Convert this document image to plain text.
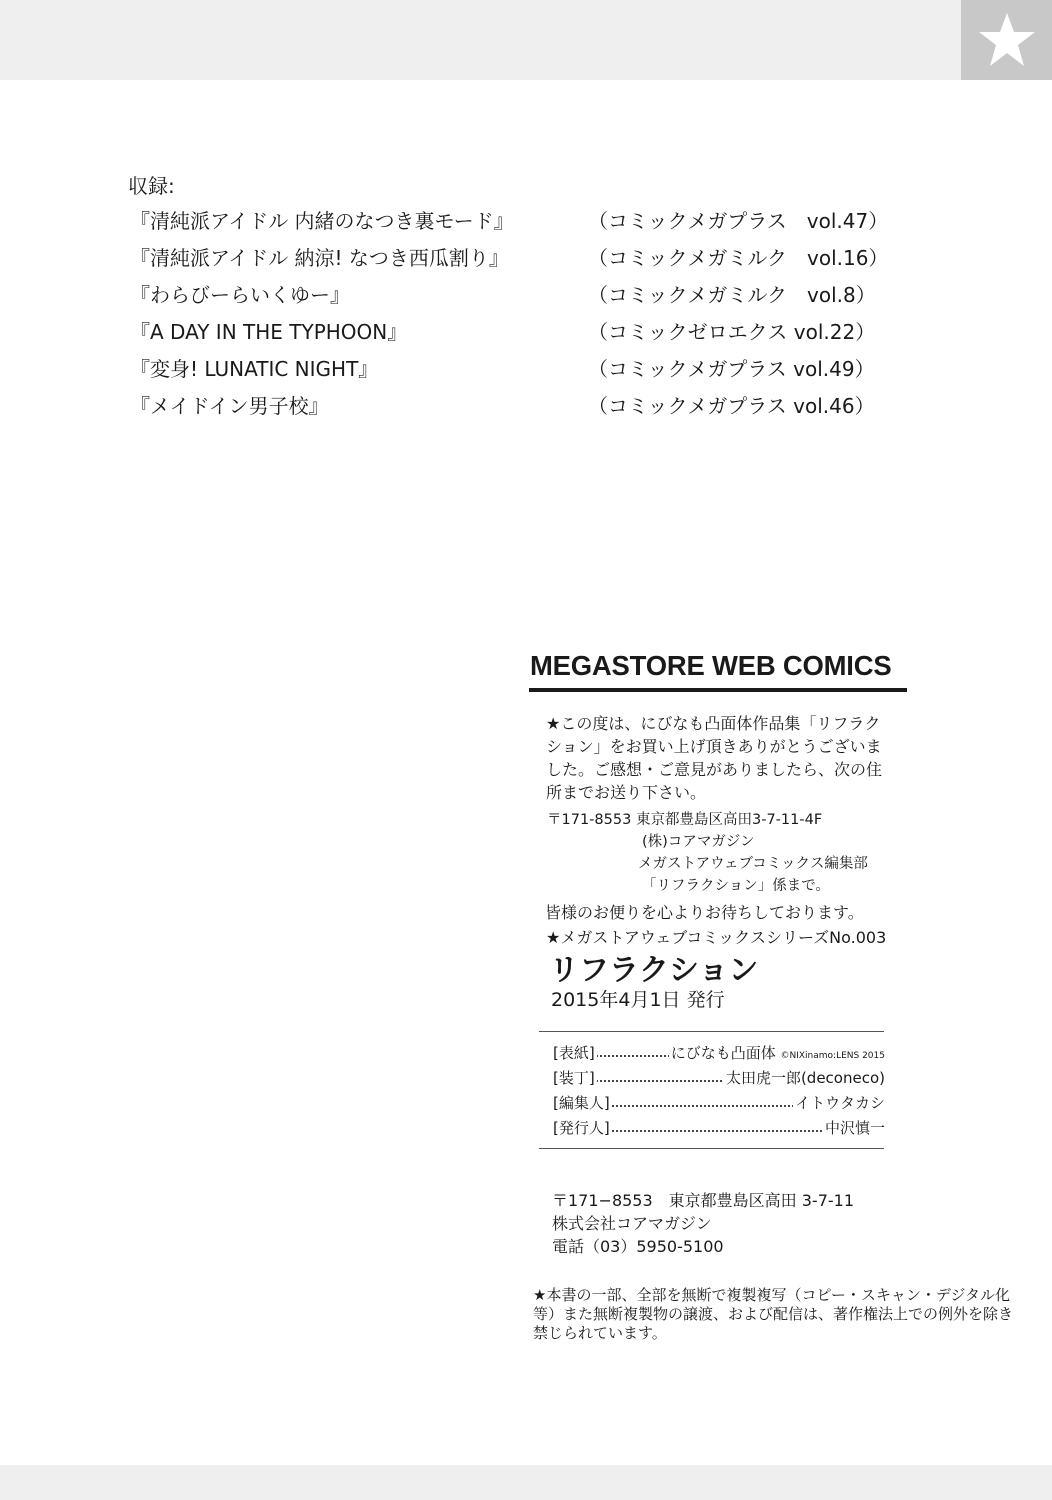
収録:
『清純派アイドル 内緒のなつき裏モード』	（コミックメガプラス　vol.47）
『清純派アイドル 納涼! なつき西瓜割り』	（コミックメガミルク　vol.16）
『わらびーらいくゆー』	（コミックメガミルク　vol.8）
『A DAY IN THE TYPHOON』	（コミックゼロエクス vol.22）
『変身! LUNATIC NIGHT』	（コミックメガプラス vol.49）
『メイドイン男子校』	（コミックメガプラス vol.46）
MEGASTORE WEB COMICS
★この度は、にびなも凸面体作品集「リフラクション」をお買い上げ頂きありがとうございました。ご感想・ご意見がありましたら、次の住所までお送り下さい。
〒171-8553 東京都豊島区高田3-7-11-4F
(株)コアマガジン
メガストアウェブコミックス編集部
「リフラクション」係まで。
皆様のお便りを心よりお待ちしております。
★メガストアウェブコミックスシリーズNo.003
リフラクション
2015年4月1日 発行
[表紙]	にびなも凸面体 ©NIXinamo:LENS 2015
[装丁]	太田虎一郎(deconeco)
[編集人]	イトウタカシ
[発行人]	中沢慎一
〒171−8553　東京都豊島区高田 3-7-11
株式会社コアマガジン
電話（03）5950-5100
★本書の一部、全部を無断で複製複写（コピー・スキャン・デジタル化等）また無断複製物の譲渡、および配信は、著作権法上での例外を除き禁じられています。
